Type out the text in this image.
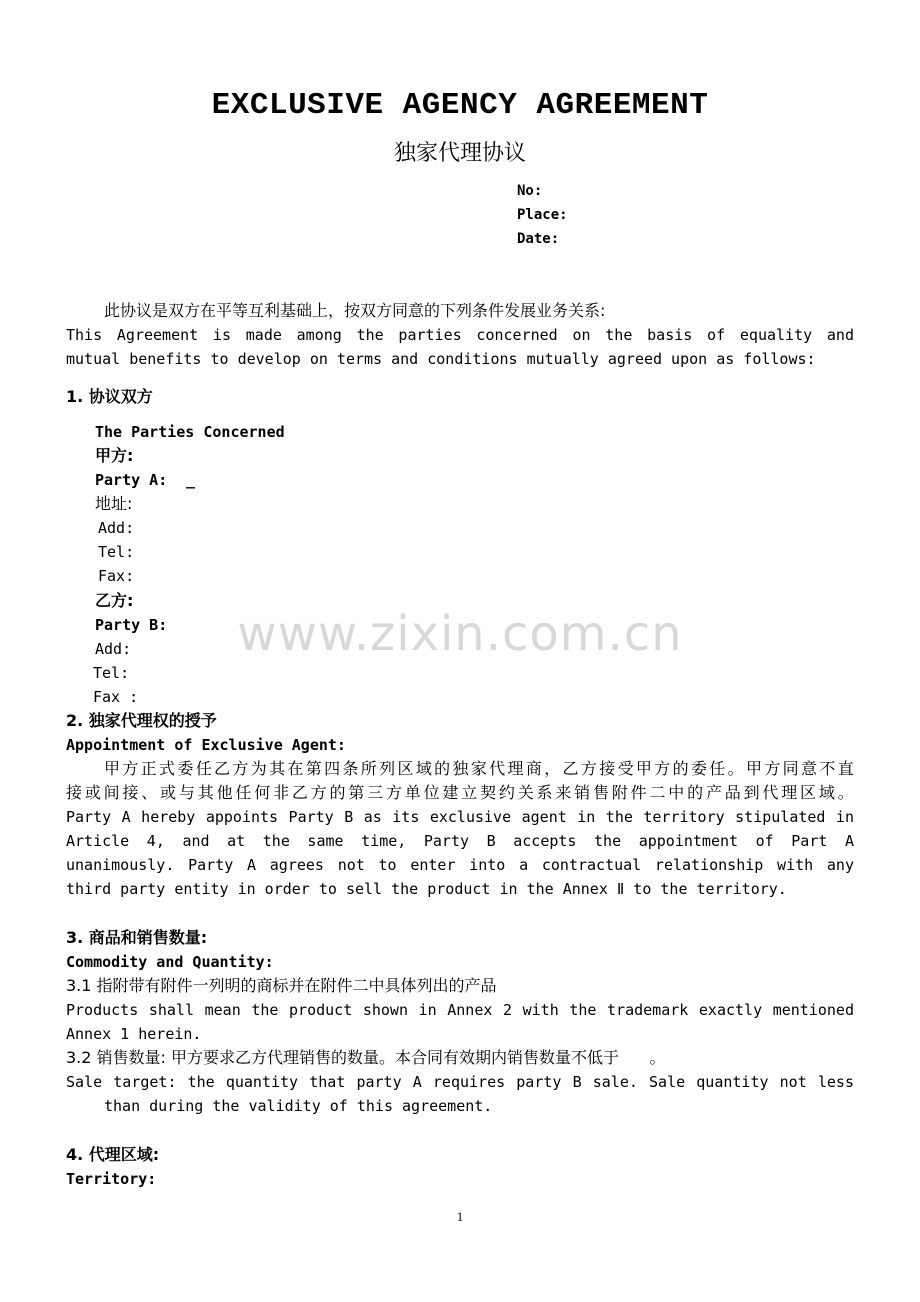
EXCLUSIVE AGENCY AGREEMENT
独家代理协议
No:
Place:
Date:
此协议是双方在平等互利基础上，按双方同意的下列条件发展业务关系:
This Agreement is made among the parties concerned on the basis of equality and
mutual benefits to develop on terms and conditions mutually agreed upon as follows:
1. 协议双方
The Parties Concerned
甲方:
Party A: _
地址:
Add:
Tel:
Fax:
乙方:
Party B:
Add:
Tel:
Fax :
2. 独家代理权的授予
Appointment of Exclusive Agent:
甲方正式委任乙方为其在第四条所列区域的独家代理商，乙方接受甲方的委任。甲方同意不直
接或间接、或与其他任何非乙方的第三方单位建立契约关系来销售附件二中的产品到代理区域。
Party A hereby appoints Party B as its exclusive agent in the territory stipulated in
Article 4, and at the same time, Party B accepts the appointment of Part A
unanimously. Party A agrees not to enter into a contractual relationship with any
third party entity in order to sell the product in the Annex Ⅱ to the territory.
3. 商品和销售数量:
Commodity and Quantity:
3.1 指附带有附件一列明的商标并在附件二中具体列出的产品
Products shall mean the product shown in Annex 2 with the trademark exactly mentioned
Annex 1 herein.
3.2 销售数量: 甲方要求乙方代理销售的数量。本合同有效期内销售数量不低于      。
Sale target: the quantity that party A requires party B sale. Sale quantity not less
than during the validity of this agreement.
4. 代理区域:
Territory:
www.zixin.com.cn
1
